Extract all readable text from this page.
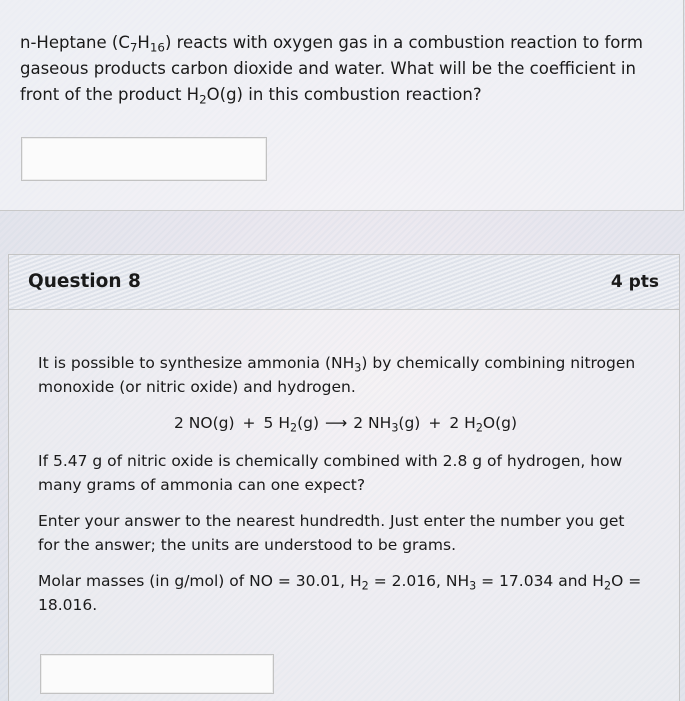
n-Heptane $(C_7H_{16})$ reacts with oxygen gas in a combustion reaction to form gaseous products carbon dioxide and water. What will be the coefficient in front of the product $H_2O(g)$ in this combustion reaction?
Question 8	4 pts

It is possible to synthesize ammonia $(NH_3)$ by chemically combining nitrogen monoxide (or nitric oxide) and hydrogen.

2 NO(g) + 5 $H_2(g)$ ⟶ 2 $NH_3(g) + 2$ $H_2O(g)$

If 5.47 g of nitric oxide is chemically combined with 2.8 g of hydrogen, how many grams of ammonia can one expect?

Enter your answer to the nearest hundredth. Just enter the number you get for the answer; the units are understood to be grams.

Molar masses (in g/mol) of NO = 30.01, $H_2 = 2.016$, $NH_3 = 17.034$ and $H_2O = 18.016$.
